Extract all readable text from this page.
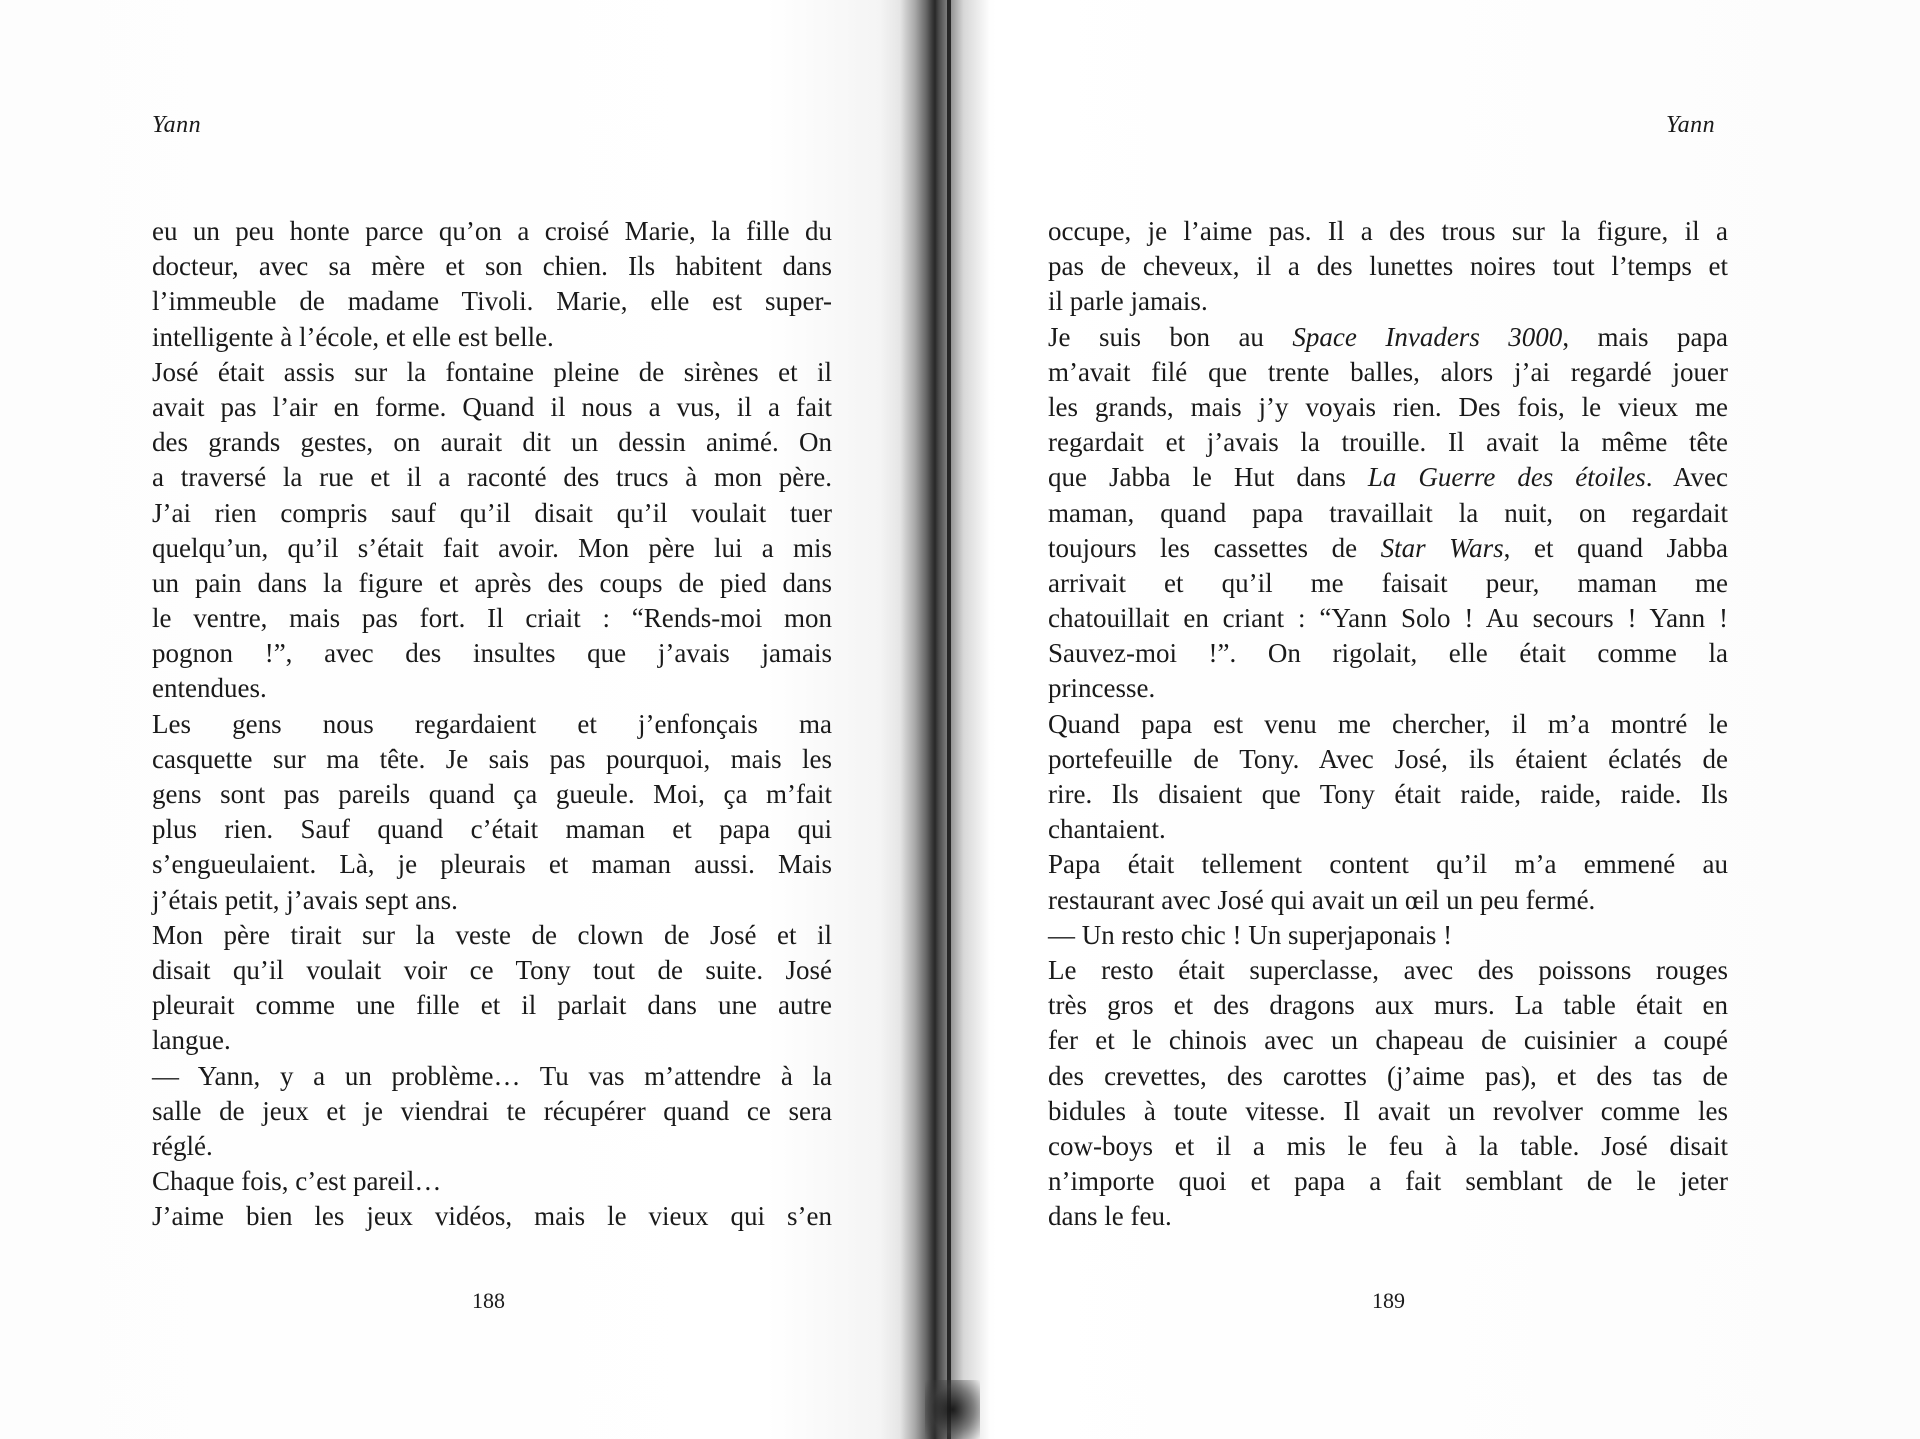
Yann
eu un peu honte parce qu’on a croisé Marie, la fille du
docteur, avec sa mère et son chien. Ils habitent dans
l’immeuble de madame Tivoli. Marie, elle est super-
intelligente à l’école, et elle est belle.
José était assis sur la fontaine pleine de sirènes et il
avait pas l’air en forme. Quand il nous a vus, il a fait
des grands gestes, on aurait dit un dessin animé. On
a traversé la rue et il a raconté des trucs à mon père.
J’ai rien compris sauf qu’il disait qu’il voulait tuer
quelqu’un, qu’il s’était fait avoir. Mon père lui a mis
un pain dans la figure et après des coups de pied dans
le ventre, mais pas fort. Il criait : “Rends-moi mon
pognon !”, avec des insultes que j’avais jamais
entendues.
Les gens nous regardaient et j’enfonçais ma
casquette sur ma tête. Je sais pas pourquoi, mais les
gens sont pas pareils quand ça gueule. Moi, ça m’fait
plus rien. Sauf quand c’était maman et papa qui
s’engueulaient. Là, je pleurais et maman aussi. Mais
j’étais petit, j’avais sept ans.
Mon père tirait sur la veste de clown de José et il
disait qu’il voulait voir ce Tony tout de suite. José
pleurait comme une fille et il parlait dans une autre
langue.
— Yann, y a un problème… Tu vas m’attendre à la
salle de jeux et je viendrai te récupérer quand ce sera
réglé.
Chaque fois, c’est pareil…
J’aime bien les jeux vidéos, mais le vieux qui s’en
188
Yann
occupe, je l’aime pas. Il a des trous sur la figure, il a
pas de cheveux, il a des lunettes noires tout l’temps et
il parle jamais.
Je suis bon au Space Invaders 3000, mais papa
m’avait filé que trente balles, alors j’ai regardé jouer
les grands, mais j’y voyais rien. Des fois, le vieux me
regardait et j’avais la trouille. Il avait la même tête
que Jabba le Hut dans La Guerre des étoiles. Avec
maman, quand papa travaillait la nuit, on regardait
toujours les cassettes de Star Wars, et quand Jabba
arrivait et qu’il me faisait peur, maman me
chatouillait en criant : “Yann Solo ! Au secours ! Yann !
Sauvez-moi !”. On rigolait, elle était comme la
princesse.
Quand papa est venu me chercher, il m’a montré le
portefeuille de Tony. Avec José, ils étaient éclatés de
rire. Ils disaient que Tony était raide, raide, raide. Ils
chantaient.
Papa était tellement content qu’il m’a emmené au
restaurant avec José qui avait un œil un peu fermé.
— Un resto chic ! Un superjaponais !
Le resto était superclasse, avec des poissons rouges
très gros et des dragons aux murs. La table était en
fer et le chinois avec un chapeau de cuisinier a coupé
des crevettes, des carottes (j’aime pas), et des tas de
bidules à toute vitesse. Il avait un revolver comme les
cow-boys et il a mis le feu à la table. José disait
n’importe quoi et papa a fait semblant de le jeter
dans le feu.
189
